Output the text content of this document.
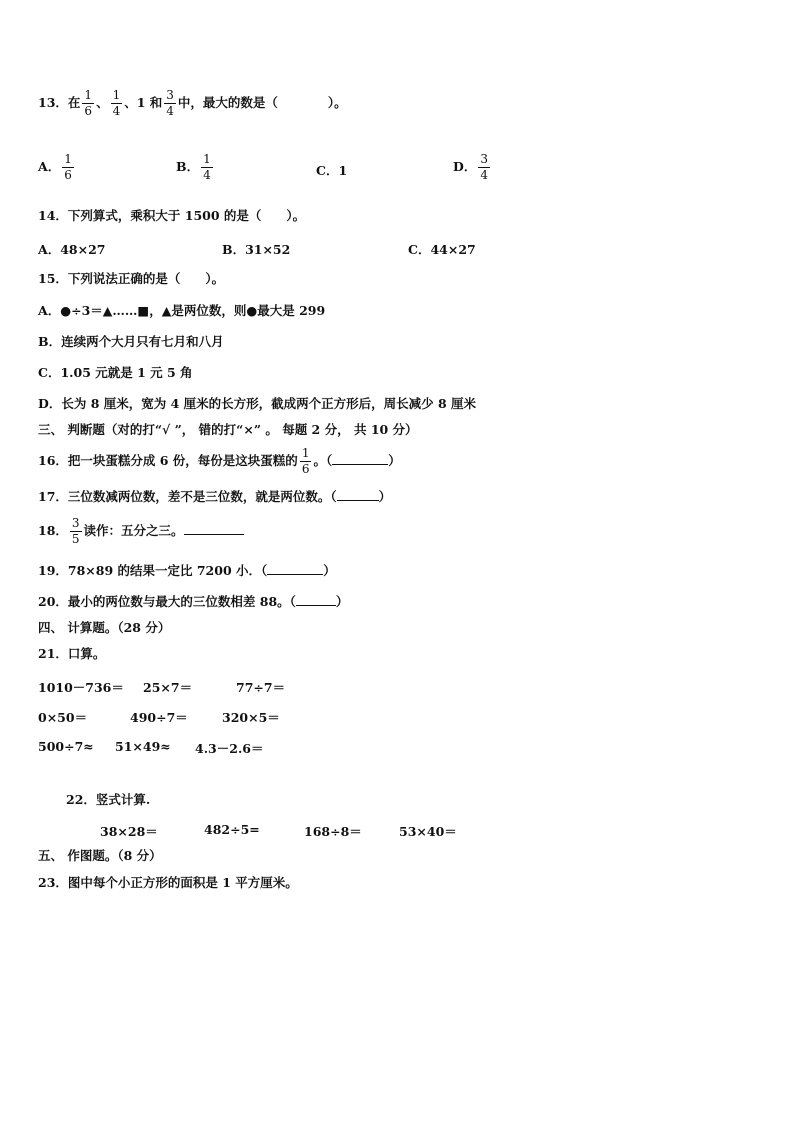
13．在 $\frac{1}{6}$ 、 $\frac{1}{4}$ 、1 和 $\frac{3}{4}$ 中，最大的数是（　　　　）。
A． $\frac{1}{6}$	B． $\frac{1}{4}$	C．1	D． $\frac{3}{4}$
14．下列算式，乘积大于 1500 的是（　　）。
A．48×27	B．31×52	C．44×27
15．下列说法正确的是（　　）。
A．●÷3＝▲……■，▲是两位数，则●最大是 299
B．连续两个大月只有七月和八月
C．1.05 元就是 1 元 5 角
D．长为 8 厘米，宽为 4 厘米的长方形，截成两个正方形后，周长减少 8 厘米
三、 判断题（对的打“√ ”， 错的打“×” 。 每题 2 分， 共 10 分）
16．把一块蛋糕分成 6 份，每份是这块蛋糕的 $\frac{1}{6}$ 。（	）
17．三位数减两位数，差不是三位数，就是两位数。（	）
18． $\frac{3}{5}$ 读作：五分之三。
19．78×89 的结果一定比 7200 小．（	）
20．最小的两位数与最大的三位数相差 88。（	）
四、 计算题。（28 分）
21．口算。
1010－736＝ 25×7＝	77÷7＝
0×50＝	490÷7＝	320×5＝
500÷7≈ 51×49≈ 4.3－2.6＝
22．竖式计算.
38×28＝	482÷5=	168÷8＝	53×40＝
五、 作图题。（8 分）
23．图中每个小正方形的面积是 1 平方厘米。
